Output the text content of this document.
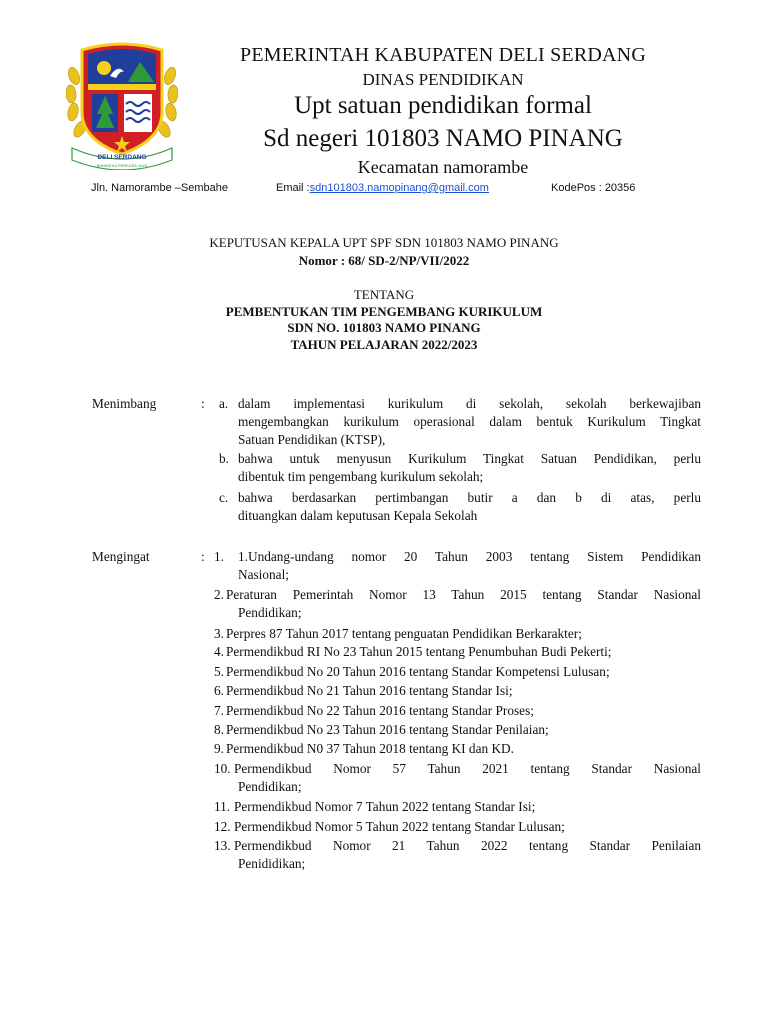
DELI SERDANG
BHINNEKA PERKASA JAYA
PEMERINTAH KABUPATEN DELI SERDANG
DINAS PENDIDIKAN
Upt satuan pendidikan formal
Sd negeri 101803 NAMO PINANG
Kecamatan namorambe
Jln. Namorambe –Sembahe	Email :sdn101803.namopinang@gmail.com	KodePos : 20356
KEPUTUSAN KEPALA UPT SPF SDN 101803 NAMO PINANG
Nomor : 68/ SD-2/NP/VII/2022
TENTANG
PEMBENTUKAN TIM PENGEMBANG KURIKULUM
SDN NO. 101803 NAMO PINANG
TAHUN PELAJARAN 2022/2023
Menimbang	: a. dalam implementasi kurikulum di sekolah, sekolah berkewajiban
mengembangkan kurikulum operasional dalam bentuk Kurikulum Tingkat
Satuan Pendidikan (KTSP),
b. bahwa untuk menyusun Kurikulum Tingkat Satuan Pendidikan, perlu
dibentuk tim pengembang kurikulum sekolah;
c. bahwa berdasarkan pertimbangan butir a dan b di atas, perlu
dituangkan dalam keputusan Kepala Sekolah
Mengingat	: 1. 1.Undang-undang nomor 20 Tahun 2003 tentang Sistem Pendidikan
Nasional;
2. Peraturan Pemerintah Nomor 13 Tahun 2015 tentang Standar Nasional
Pendidikan;
3. Perpres 87 Tahun 2017 tentang penguatan Pendidikan Berkarakter;
4. Permendikbud RI No 23 Tahun 2015 tentang Penumbuhan Budi Pekerti;
5. Permendikbud No 20 Tahun 2016 tentang Standar Kompetensi Lulusan;
6. Permendikbud No 21 Tahun 2016 tentang Standar Isi;
7. Permendikbud No 22 Tahun 2016 tentang Standar Proses;
8. Permendikbud No 23 Tahun 2016 tentang Standar Penilaian;
9. Permendikbud N0 37 Tahun 2018 tentang KI dan KD.
10. Permendikbud Nomor 57 Tahun 2021 tentang Standar Nasional
Pendidikan;
11. Permendikbud Nomor 7 Tahun 2022 tentang Standar Isi;
12. Permendikbud Nomor 5 Tahun 2022 tentang Standar Lulusan;
13. Permendikbud Nomor 21 Tahun 2022 tentang Standar Penilaian
Penididikan;
